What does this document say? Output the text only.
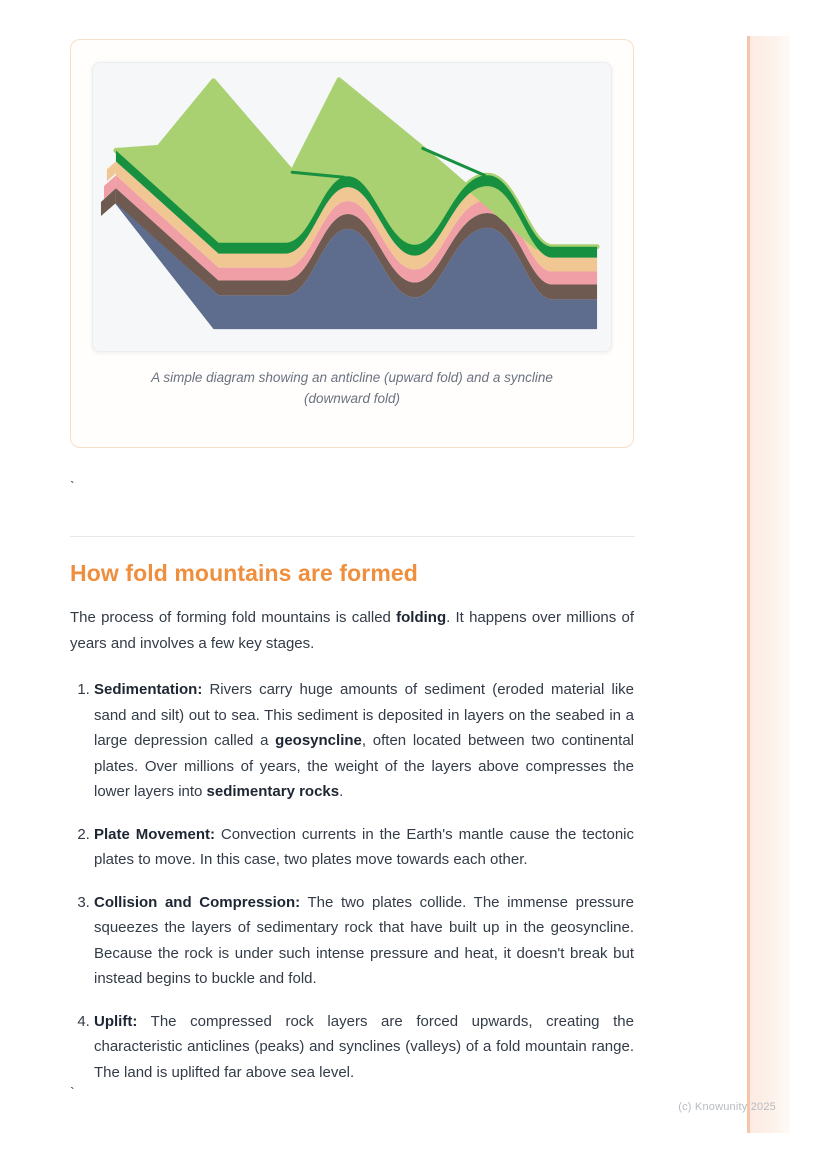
A simple diagram showing an anticline (upward fold) and a syncline (downward fold)

`
How fold mountains are formed

The process of forming fold mountains is called folding. It happens over millions of years and involves a few key stages.

1. Sedimentation: Rivers carry huge amounts of sediment (eroded material like sand and silt) out to sea. This sediment is deposited in layers on the seabed in a large depression called a geosyncline, often located between two continental plates. Over millions of years, the weight of the layers above compresses the lower layers into sedimentary rocks.
2. Plate Movement: Convection currents in the Earth's mantle cause the tectonic plates to move. In this case, two plates move towards each other.
3. Collision and Compression: The two plates collide. The immense pressure squeezes the layers of sedimentary rock that have built up in the geosyncline. Because the rock is under such intense pressure and heat, it doesn't break but instead begins to buckle and fold.
4. Uplift: The compressed rock layers are forced upwards, creating the characteristic anticlines (peaks) and synclines (valleys) of a fold mountain range. The land is uplifted far above sea level.
`
(c) Knowunity 2025
